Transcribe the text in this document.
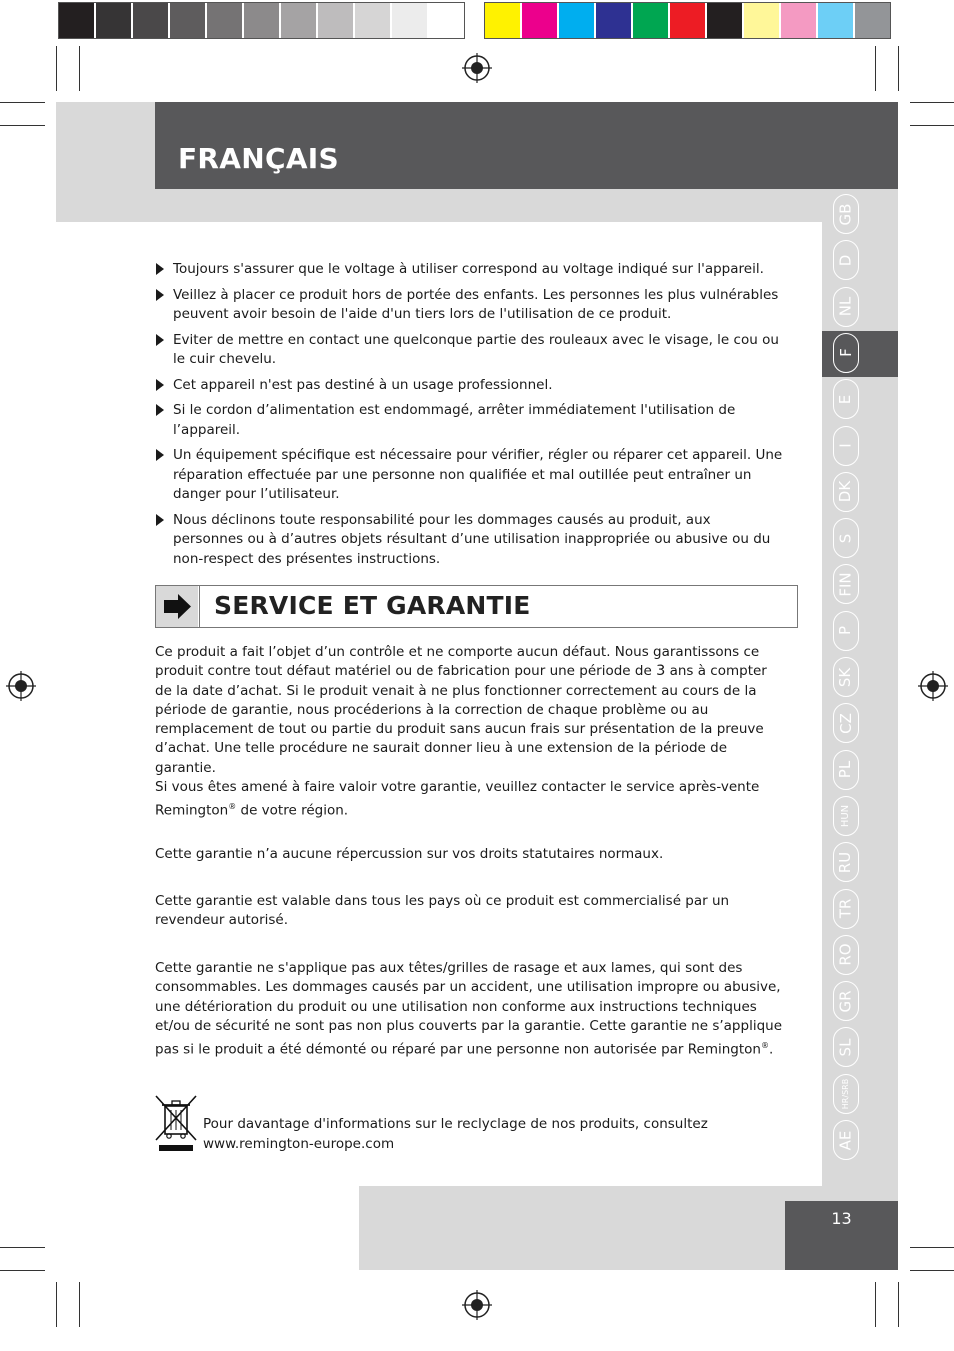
FRANÇAIS
GB
D
NL
F
E
I
DK
S
FIN
P
SK
CZ
PL
HUN
RU
TR
RO
GR
SL
HR/SRB
AE
Toujours s'assurer que le voltage à utiliser correspond au voltage indiqué sur l'appareil.
Veillez à placer ce produit hors de portée des enfants. Les personnes les plus vulnérables peuvent avoir besoin de l'aide d'un tiers lors de l'utilisation de ce produit.
Eviter de mettre en contact une quelconque partie des rouleaux avec le visage, le cou ou le cuir chevelu.
Cet appareil n'est pas destiné à un usage professionnel.
Si le cordon d’alimentation est endommagé, arrêter immédiatement l'utilisation de l’appareil.
Un équipement spécifique est nécessaire pour vérifier, régler ou réparer cet appareil. Une réparation effectuée par une personne non qualifiée et mal outillée peut entraîner un danger pour l’utilisateur.
Nous déclinons toute responsabilité pour les dommages causés au produit, aux personnes ou à d’autres objets résultant d’une utilisation inappropriée ou abusive ou du non-respect des présentes instructions.
SERVICE ET GARANTIE

Ce produit a fait l’objet d’un contrôle et ne comporte aucun défaut. Nous garantissons ce produit contre tout défaut matériel ou de fabrication pour une période de 3 ans à compter de la date d’achat. Si le produit venait à ne plus fonctionner correctement au cours de la période de garantie, nous procéderions à la correction de chaque problème ou au remplacement de tout ou partie du produit sans aucun frais sur présentation de la preuve d’achat. Une telle procédure ne saurait donner lieu à une extension de la période de garantie.
Si vous êtes amené à faire valoir votre garantie, veuillez contacter le service après-vente Remington® de votre région.

Cette garantie n’a aucune répercussion sur vos droits statutaires normaux.

Cette garantie est valable dans tous les pays où ce produit est commercialisé par un revendeur autorisé.

Cette garantie ne s'applique pas aux têtes/grilles de rasage et aux lames, qui sont des consommables. Les dommages causés par un accident, une utilisation impropre ou abusive, une détérioration du produit ou une utilisation non conforme aux instructions techniques et/ou de sécurité ne sont pas non plus couverts par la garantie. Cette garantie ne s’applique pas si le produit a été démonté ou réparé par une personne non autorisée par Remington®.

Pour davantage d'informations sur le reclyclage de nos produits, consultez
www.remington-europe.com

13
